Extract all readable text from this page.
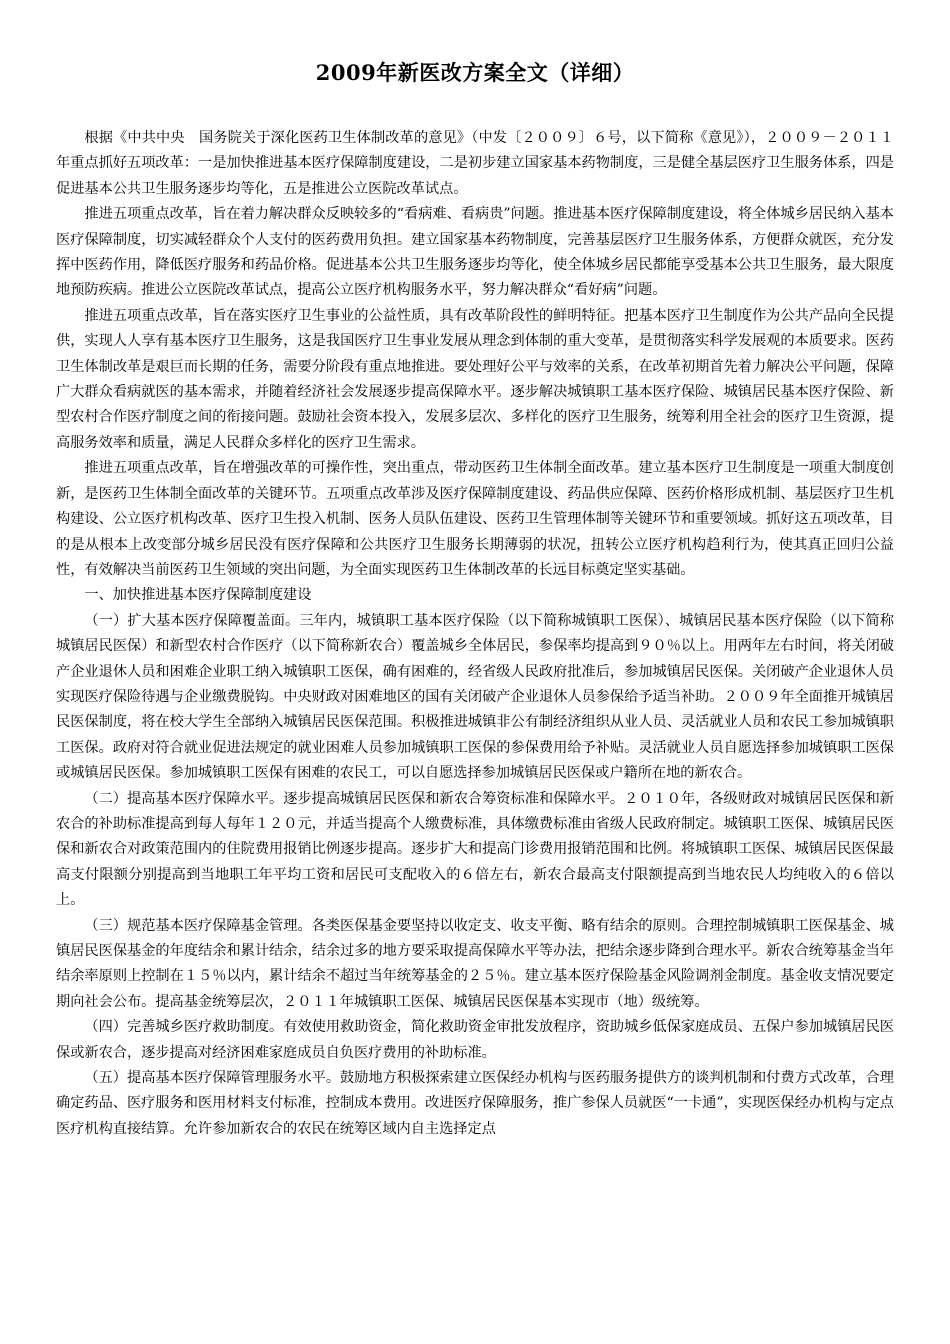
2009年新医改方案全文（详细）

根据《中共中央　国务院关于深化医药卫生体制改革的意见》（中发〔２００９〕６号，以下简称《意见》），２００９－２０１１年重点抓好五项改革：一是加快推进基本医疗保障制度建设，二是初步建立国家基本药物制度，三是健全基层医疗卫生服务体系，四是促进基本公共卫生服务逐步均等化，五是推进公立医院改革试点。

推进五项重点改革，旨在着力解决群众反映较多的“看病难、看病贵”问题。推进基本医疗保障制度建设，将全体城乡居民纳入基本医疗保障制度，切实减轻群众个人支付的医药费用负担。建立国家基本药物制度，完善基层医疗卫生服务体系，方便群众就医，充分发挥中医药作用，降低医疗服务和药品价格。促进基本公共卫生服务逐步均等化，使全体城乡居民都能享受基本公共卫生服务，最大限度地预防疾病。推进公立医院改革试点，提高公立医疗机构服务水平，努力解决群众“看好病”问题。

推进五项重点改革，旨在落实医疗卫生事业的公益性质，具有改革阶段性的鲜明特征。把基本医疗卫生制度作为公共产品向全民提供，实现人人享有基本医疗卫生服务，这是我国医疗卫生事业发展从理念到体制的重大变革，是贯彻落实科学发展观的本质要求。医药卫生体制改革是艰巨而长期的任务，需要分阶段有重点地推进。要处理好公平与效率的关系，在改革初期首先着力解决公平问题，保障广大群众看病就医的基本需求，并随着经济社会发展逐步提高保障水平。逐步解决城镇职工基本医疗保险、城镇居民基本医疗保险、新型农村合作医疗制度之间的衔接问题。鼓励社会资本投入，发展多层次、多样化的医疗卫生服务，统筹利用全社会的医疗卫生资源，提高服务效率和质量，满足人民群众多样化的医疗卫生需求。

推进五项重点改革，旨在增强改革的可操作性，突出重点，带动医药卫生体制全面改革。建立基本医疗卫生制度是一项重大制度创新，是医药卫生体制全面改革的关键环节。五项重点改革涉及医疗保障制度建设、药品供应保障、医药价格形成机制、基层医疗卫生机构建设、公立医疗机构改革、医疗卫生投入机制、医务人员队伍建设、医药卫生管理体制等关键环节和重要领域。抓好这五项改革，目的是从根本上改变部分城乡居民没有医疗保障和公共医疗卫生服务长期薄弱的状况，扭转公立医疗机构趋利行为，使其真正回归公益性，有效解决当前医药卫生领域的突出问题，为全面实现医药卫生体制改革的长远目标奠定坚实基础。

一、加快推进基本医疗保障制度建设

（一）扩大基本医疗保障覆盖面。三年内，城镇职工基本医疗保险（以下简称城镇职工医保）、城镇居民基本医疗保险（以下简称城镇居民医保）和新型农村合作医疗（以下简称新农合）覆盖城乡全体居民，参保率均提高到９０％以上。用两年左右时间，将关闭破产企业退休人员和困难企业职工纳入城镇职工医保，确有困难的，经省级人民政府批准后，参加城镇居民医保。关闭破产企业退休人员实现医疗保险待遇与企业缴费脱钩。中央财政对困难地区的国有关闭破产企业退休人员参保给予适当补助。２００９年全面推开城镇居民医保制度，将在校大学生全部纳入城镇居民医保范围。积极推进城镇非公有制经济组织从业人员、灵活就业人员和农民工参加城镇职工医保。政府对符合就业促进法规定的就业困难人员参加城镇职工医保的参保费用给予补贴。灵活就业人员自愿选择参加城镇职工医保或城镇居民医保。参加城镇职工医保有困难的农民工，可以自愿选择参加城镇居民医保或户籍所在地的新农合。

（二）提高基本医疗保障水平。逐步提高城镇居民医保和新农合筹资标准和保障水平。２０１０年，各级财政对城镇居民医保和新农合的补助标准提高到每人每年１２０元，并适当提高个人缴费标准，具体缴费标准由省级人民政府制定。城镇职工医保、城镇居民医保和新农合对政策范围内的住院费用报销比例逐步提高。逐步扩大和提高门诊费用报销范围和比例。将城镇职工医保、城镇居民医保最高支付限额分别提高到当地职工年平均工资和居民可支配收入的６倍左右，新农合最高支付限额提高到当地农民人均纯收入的６倍以上。

（三）规范基本医疗保障基金管理。各类医保基金要坚持以收定支、收支平衡、略有结余的原则。合理控制城镇职工医保基金、城镇居民医保基金的年度结余和累计结余，结余过多的地方要采取提高保障水平等办法，把结余逐步降到合理水平。新农合统筹基金当年结余率原则上控制在１５％以内，累计结余不超过当年统筹基金的２５％。建立基本医疗保险基金风险调剂金制度。基金收支情况要定期向社会公布。提高基金统筹层次，２０１１年城镇职工医保、城镇居民医保基本实现市（地）级统筹。

（四）完善城乡医疗救助制度。有效使用救助资金，简化救助资金审批发放程序，资助城乡低保家庭成员、五保户参加城镇居民医保或新农合，逐步提高对经济困难家庭成员自负医疗费用的补助标准。

（五）提高基本医疗保障管理服务水平。鼓励地方积极探索建立医保经办机构与医药服务提供方的谈判机制和付费方式改革，合理确定药品、医疗服务和医用材料支付标准，控制成本费用。改进医疗保障服务，推广参保人员就医“一卡通”，实现医保经办机构与定点医疗机构直接结算。允许参加新农合的农民在统筹区域内自主选择定点
